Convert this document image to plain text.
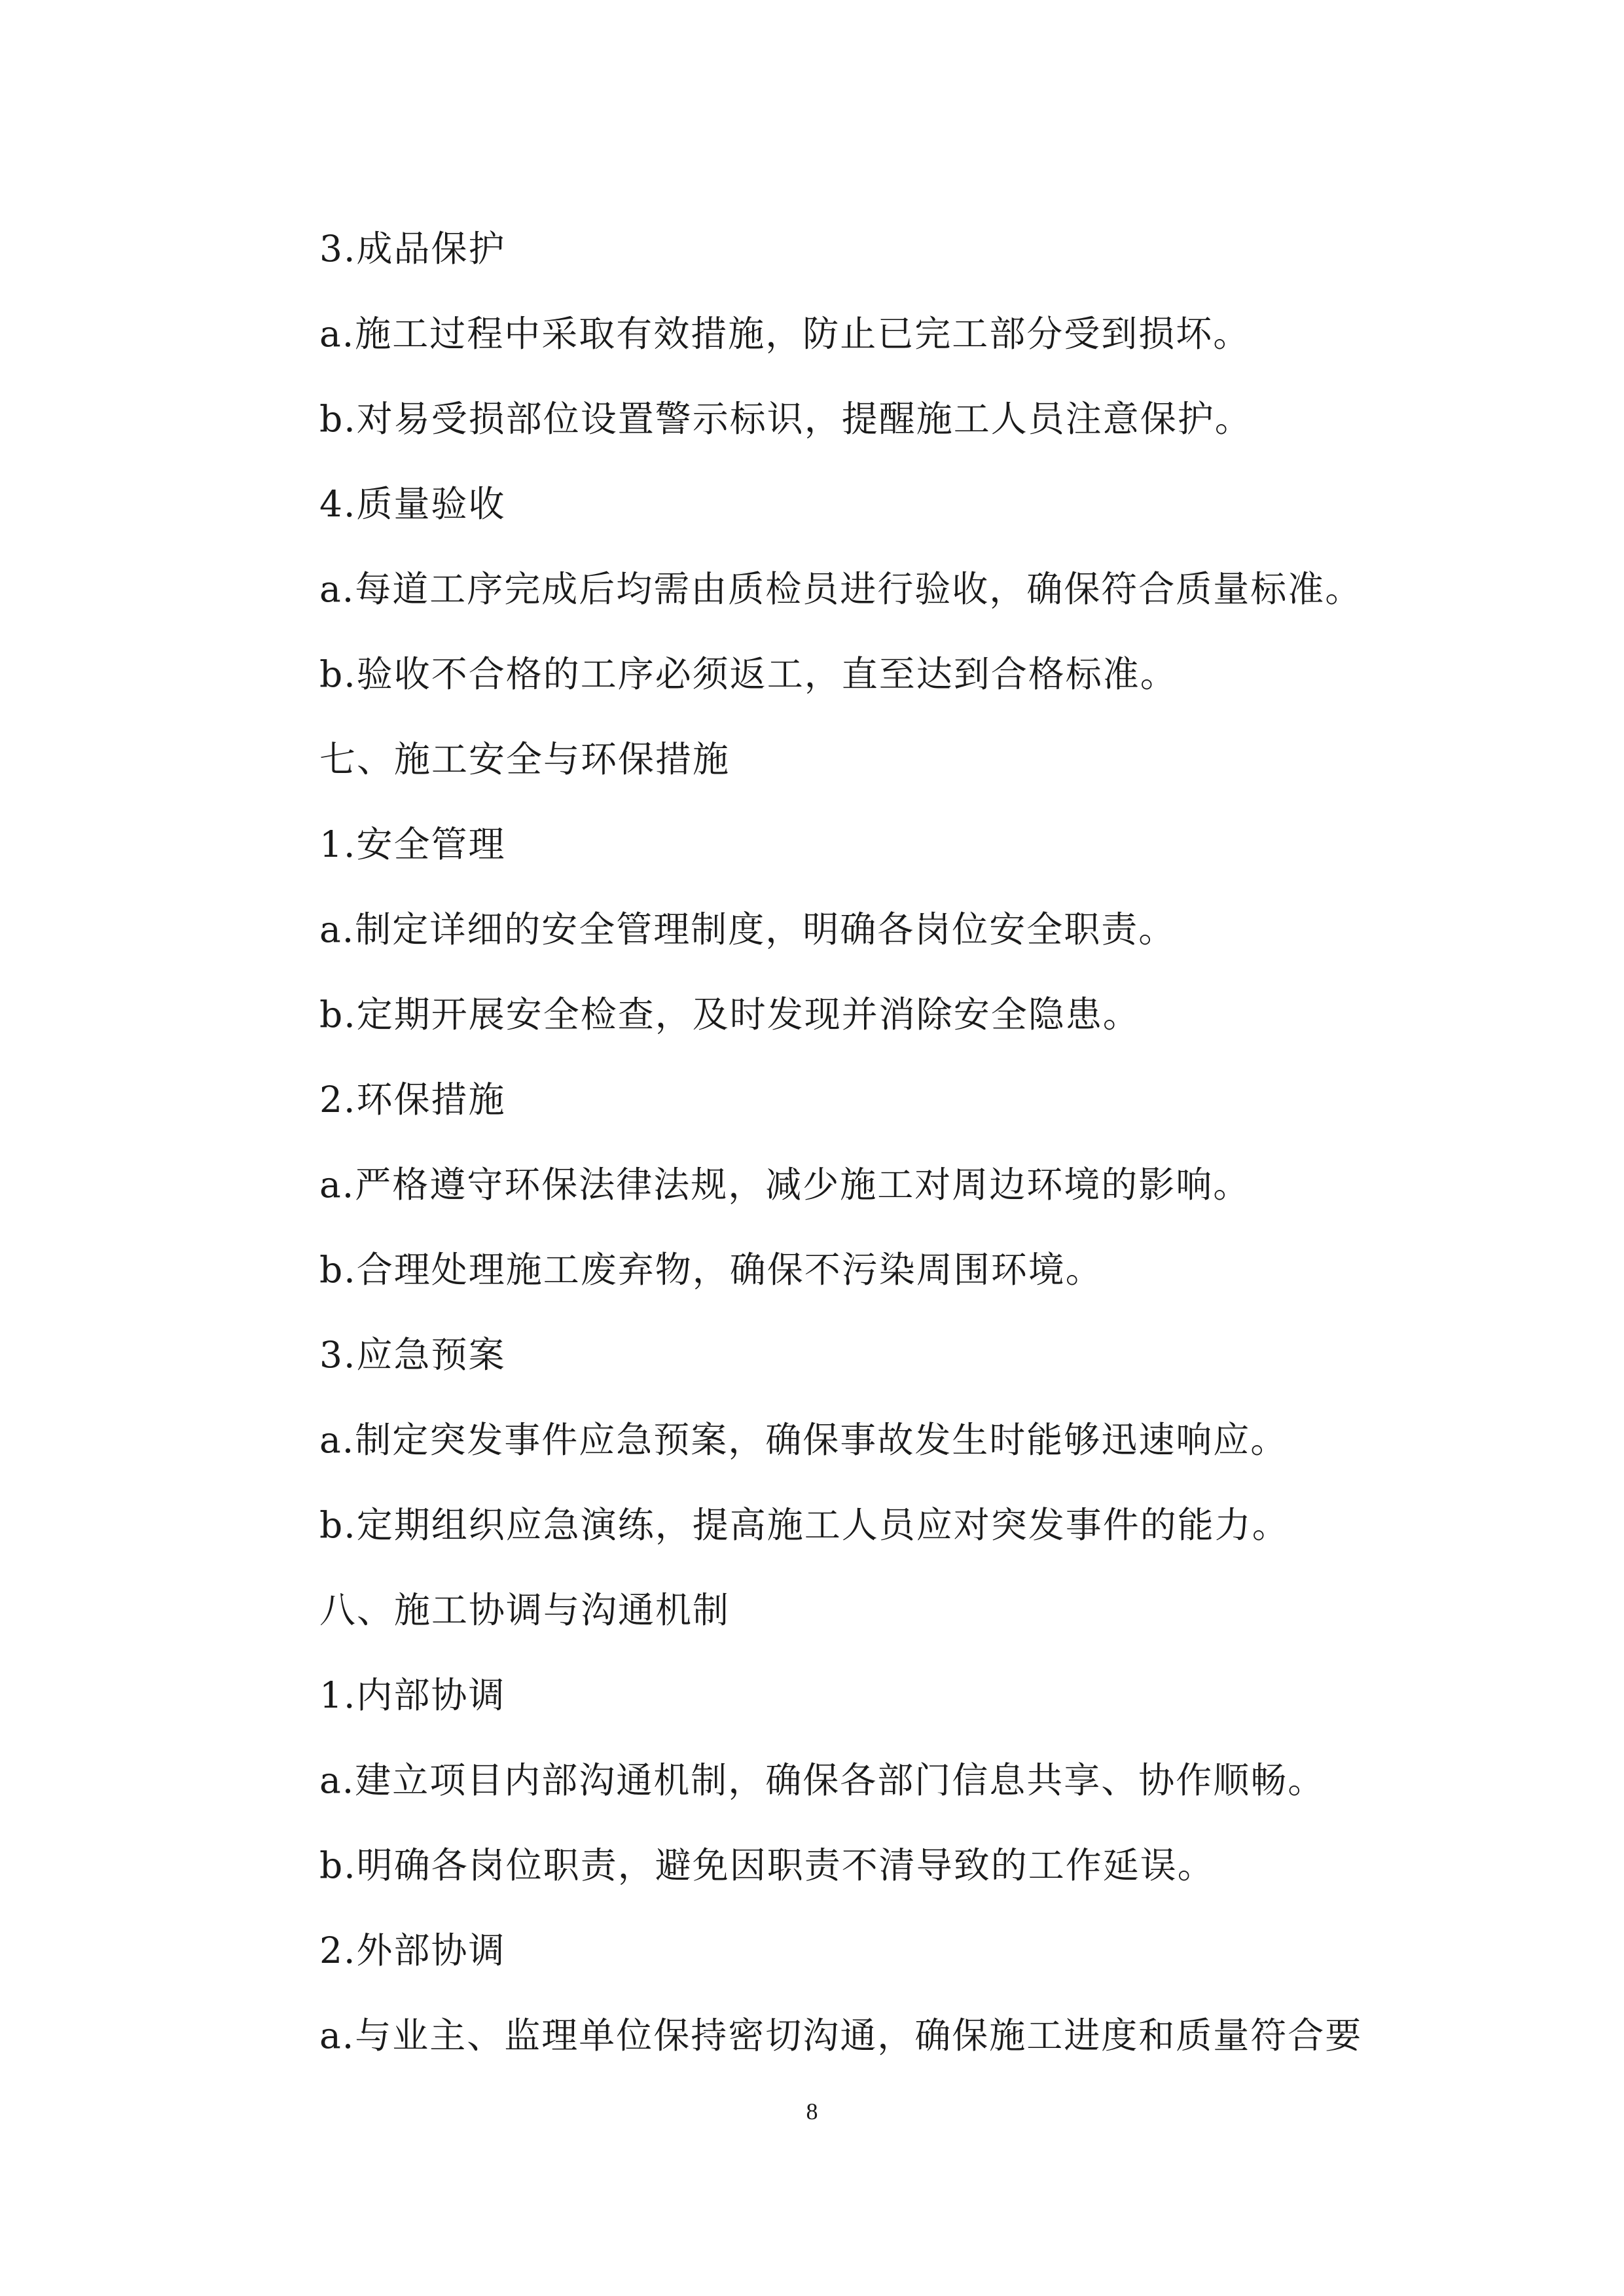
3.成品保护
a.施工过程中采取有效措施，防止已完工部分受到损坏。
b.对易受损部位设置警示标识，提醒施工人员注意保护。
4.质量验收
a.每道工序完成后均需由质检员进行验收，确保符合质量标准。
b.验收不合格的工序必须返工，直至达到合格标准。
七、施工安全与环保措施
1.安全管理
a.制定详细的安全管理制度，明确各岗位安全职责。
b.定期开展安全检查，及时发现并消除安全隐患。
2.环保措施
a.严格遵守环保法律法规，减少施工对周边环境的影响。
b.合理处理施工废弃物，确保不污染周围环境。
3.应急预案
a.制定突发事件应急预案，确保事故发生时能够迅速响应。
b.定期组织应急演练，提高施工人员应对突发事件的能力。
八、施工协调与沟通机制
1.内部协调
a.建立项目内部沟通机制，确保各部门信息共享、协作顺畅。
b.明确各岗位职责，避免因职责不清导致的工作延误。
2.外部协调
a.与业主、监理单位保持密切沟通，确保施工进度和质量符合要
8
